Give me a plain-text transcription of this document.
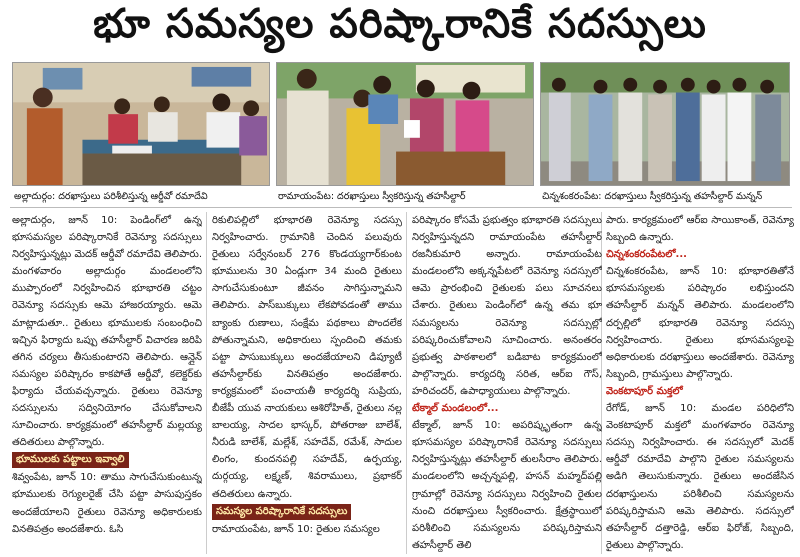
భూ సమస్యల పరిష్కారానికే సదస్సులు
అల్లాదుర్గం: దరఖాస్తులు పరిశీలిస్తున్న ఆర్డీవో రమాదేవి	రామాయంపేట: దరఖాస్తులు స్వీకరిస్తున్న తహసీల్దార్	చిన్నశంకరంపేట: దరఖాస్తులు స్వీకరిస్తున్న తహసీల్దార్ మన్నన్

అల్లాదుర్గం, జూన్ 10: పెండింగ్‌లో ఉన్న భూసమస్యల పరిష్కారానికే రెవెన్యూ సదస్సులు నిర్వహిస్తున్నట్లు మెదక్ ఆర్డీవో రమాదేవి తెలిపారు. మంగళవారం అల్లాదుర్గం మండలంలోని ముప్పారం‌లో నిర్వహించిన భూభారతి చట్టం రెవెన్యూ సదస్సుకు ఆమె హాజరయ్యారు. ఆమె మాట్లాడుతూ.. రైతులు భూముల‌కు సంబంధించి ఇచ్చిన ఫిర్యాదు ఒప్పు తహసీల్దార్ విచారణ జరిపి తగిన చర్యలు తీసుకుంటారని తెలిపారు. ఆన్లైన్ సమస్యల పరిష్కారం కాకపోతే ఆర్డీవో, కలెక్టర్‌కు ఫిర్యాదు చేయవచ్చన్నారు. రైతులు రెవెన్యూ సదస్సులను సద్వినియోగం చేసుకోవాలని సూచించారు. కార్యక్రమంలో తహసీల్దార్ మల్లయ్య తదితరులు పాల్గొన్నారు.

భూముల‌కు పట్టాలు ఇవ్వాలి

శివ్వంపేట, జూన్ 10: తాము సాగుచేసుకుంటున్న భూములకు రెగ్యులరైజ్ చేసి పట్టా పాసుపుస్తకం అందజేయాలని రైతులు రెవెన్యూ అధికారులకు వినతిపత్రం అందజేశారు. ఓసి

రికులిపల్లిలో భూభారతి రెవెన్యూ సదస్సు నిర్వహించారు. గ్రామానికి చెందిన పలువురు రైతులు సర్వేనంబర్ 276 కొండయ్యగార్‌కుంట భూములను 30 ఏండ్లుగా 34 మంది రైతులు సాగుచేసుకుంటూ జీవనం సాగిస్తున్నామని తెలిపారు. పాస్‌బుక్కులు లేకపోవడంతో తాము బ్యాంకు రుణాలు, సంక్షేమ పథకాలు పొందలేక పోతున్నామని, అధికారులు స్పందించి తమకు పట్టా పాసుబుక్కులు అందజేయాలని డిప్యూటీ తహసీల్దార్‌కు వినతిపత్రం అందజేశారు. కార్యక్రమంలో పంచాయతీ కార్యదర్శి సుప్రియ, బీజేపీ యువ నాయకులు ఆశిరోహిత్, రైతులు నల్ల బాలయ్య, సాదల భాస్కర్, పోతరాజు బాలేశ్, నీరుడి బాలేశ్, మల్లేశ్, సహదేవ్, రమేశ్, సాదుల లింగం, కుందనపల్లి సహదేవ్, ఉర్పయ్య, దుర్గయ్య, లక్ష్మణ్, శివరాములు, ప్రభాకర్ తదితరులు ఉన్నారు.

సమస్యల పరిష్కారానికే సదస్సులు

రామాయంపేట, జూన్ 10: రైతుల సమస్యల

పరిష్కారం కోసమే ప్రభుత్వం భూభారతి సదస్సులు నిర్వహిస్తున్నదని రామాయంపేట తహసీల్దార్ రజనీకుమారి అన్నారు. రామాయంపేట మండలంలోని అక్కన్నపేటలో రెవెన్యూ సదస్సులో ఆమె ప్రారంభించి రైతులకు పలు సూచనలు చేశారు. రైతులు పెండింగ్‌లో ఉన్న తమ భూ సమస్యలను రెవెన్యూ సదస్సుల్లో పరిష్కరించుకోవాలని సూచించారు. అనంతరం ప్రభుత్వ పాఠశాలలో బడిబాట కార్యక్రమంలో పాల్గొన్నారు. కార్యదర్శి సరిత, ఆర్ఐ గౌస్, హరిచందర్, ఉపాధ్యాయులు పాల్గొన్నారు.

టేక్మాల్ మండలంలో...

టేక్మాల్, జూన్ 10: అపరిష్కృతంగా ఉన్న భూసమస్యల పరిష్కారానికే రెవెన్యూ సదస్సులు నిర్వహిస్తున్నట్లు తహసీల్దార్ తులసీరాం తెలిపారు. మండలంలోని అచ్చన్నపల్లి, హసన్ మహ్మద్‌పల్లి గ్రామాల్లో రెవెన్యూ సదస్సులు నిర్వహించి రైతుల నుంచి దరఖాస్తులు స్వీకరించారు. క్షేత్రస్థాయిలో పరిశీలించి సమస్యలను పరిష్కరిస్తామని తహసీల్దార్ తెలి

పారు. కార్యక్రమంలో ఆర్ఐ సాయికాంత్, రెవెన్యూ సిబ్బంది ఉన్నారు.

చిన్నశంకరంపేటలో...

చిన్నశంకరంపేట, జూన్ 10: భూభారతితోనే భూసమస్యలకు పరిష్కారం లభిస్తుందని తహసీల్దార్ మన్నన్ తెలిపారు. మండలంలోని దర్పల్లిలో భూభారతి రెవెన్యూ సదస్సు నిర్వహించారు. రైతులు భూసమస్యలపై అధికారులకు దరఖాస్తులు అందజేశారు. రెవెన్యూ సిబ్బంది, గ్రామస్తులు పాల్గొన్నారు.

వెంకటాపూర్ మక్తలో

రేగోడ్, జూన్ 10: మండల పరిధిలోని వెంకటాపూర్ మక్తలో మంగళవారం రెవెన్యూ సదస్సు నిర్వహించారు. ఈ సదస్సులో మెదక్ ఆర్డీవో రమాదేవి పాల్గొని రైతుల సమస్యలను అడిగి తెలుసుకున్నారు. రైతులు అందజేసిన దరఖాస్తులను పరిశీలించి సమస్యలను పరిష్కరిస్తామని ఆమె తెలిపారు. సదస్సులో తహసీల్దార్ దత్తారెడ్డి, ఆర్ఐ ఫిరోజ్, సిబ్బంది, రైతులు పాల్గొన్నారు.
